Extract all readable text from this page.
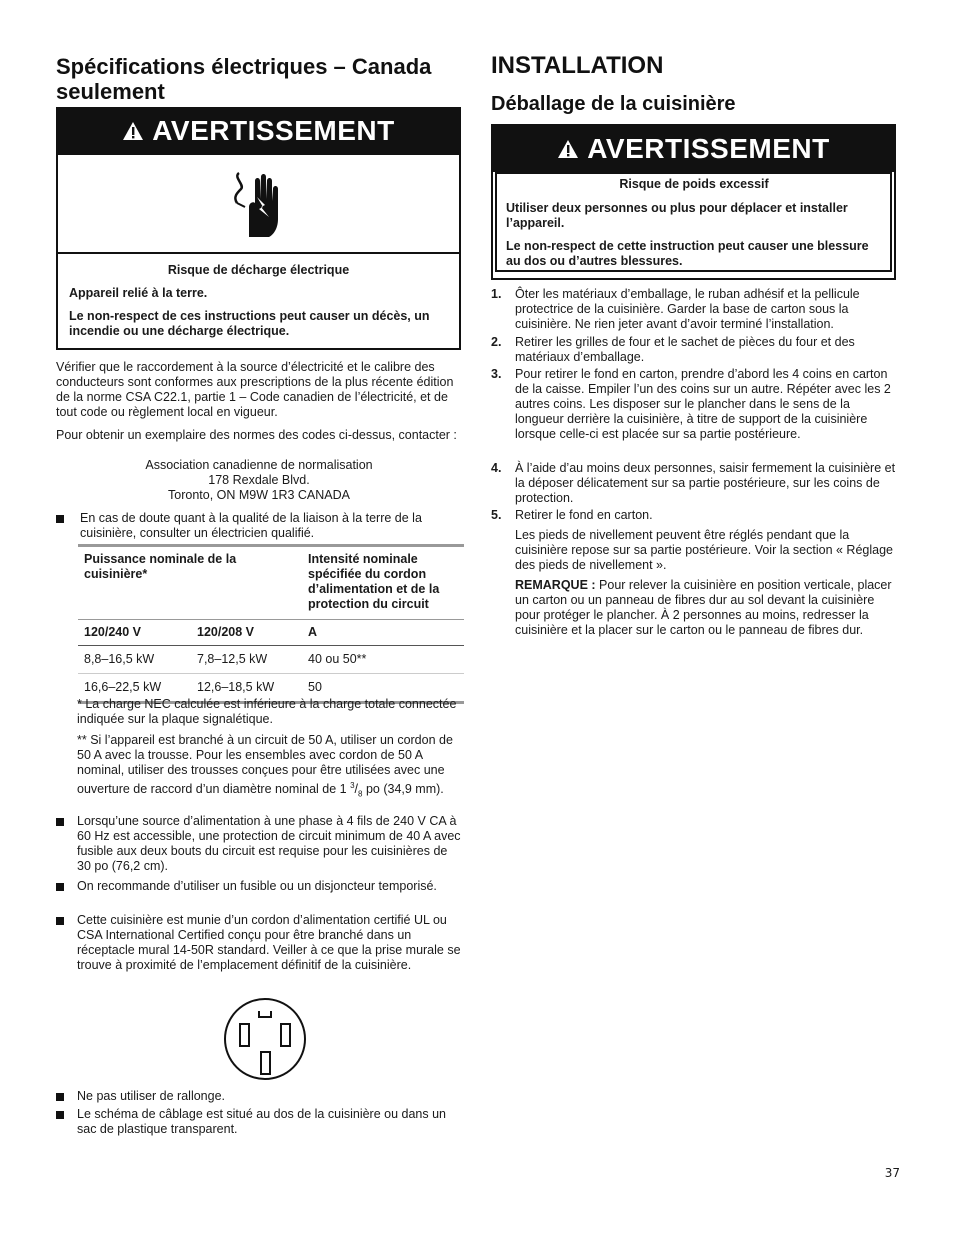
Spécifications électriques – Canada seulement
AVERTISSEMENT

Risque de décharge électrique

Appareil relié à la terre.

Le non-respect de ces instructions peut causer un décès, un incendie ou une décharge électrique.

Vérifier que le raccordement à la source d’électricité et le calibre des conducteurs sont conformes aux prescriptions de la plus récente édition de la norme CSA C22.1, partie 1 – Code canadien de l’électricité, et de tout code ou règlement local en vigueur.

Pour obtenir un exemplaire des normes des codes ci-dessus, contacter :

Association canadienne de normalisation
178 Rexdale Blvd.
Toronto, ON M9W 1R3 CANADA
En cas de doute quant à la qualité de la liaison à la terre de la cuisinière, consulter un électricien qualifié.
Puissance nominale de la cuisinière*		Intensité nominale spécifiée du cordon d’alimentation et de la protection du circuit
120/240 V	120/208 V	A
8,8–16,5 kW	7,8–12,5 kW	40 ou 50**
16,6–22,5 kW	12,6–18,5 kW	50

* La charge NEC calculée est inférieure à la charge totale connectée indiquée sur la plaque signalétique.

** Si l’appareil est branché à un circuit de 50 A, utiliser un cordon de 50 A avec la trousse. Pour les ensembles avec cordon de 50 A nominal, utiliser des trousses conçues pour être utilisées avec une ouverture de raccord d’un diamètre nominal de 1 $^3/_8$ po (34,9 mm).

Lorsqu’une source d’alimentation à une phase à 4 fils de 240 V CA à 60 Hz est accessible, une protection de circuit minimum de 40 A avec fusible aux deux bouts du circuit est requise pour les cuisinières de 30 po (76,2 cm).
On recommande d’utiliser un fusible ou un disjoncteur temporisé.
Cette cuisinière est munie d’un cordon d’alimentation certifié UL ou CSA International Certified conçu pour être branché dans un réceptacle mural 14-50R standard. Veiller à ce que la prise murale se trouve à proximité de l’emplacement définitif de la cuisinière.
Ne pas utiliser de rallonge.
Le schéma de câblage est situé au dos de la cuisinière ou dans un sac de plastique transparent.
INSTALLATION
Déballage de la cuisinière
AVERTISSEMENT

Risque de poids excessif

Utiliser deux personnes ou plus pour déplacer et installer l’appareil.

Le non-respect de cette instruction peut causer une blessure au dos ou d’autres blessures.

1. Ôter les matériaux d’emballage, le ruban adhésif et la pellicule protectrice de la cuisinière. Garder la base de carton sous la cuisinière. Ne rien jeter avant d’avoir terminé l’installation.
2. Retirer les grilles de four et le sachet de pièces du four et des matériaux d’emballage.
3. Pour retirer le fond en carton, prendre d’abord les 4 coins en carton de la caisse. Empiler l’un des coins sur un autre. Répéter avec les 2 autres coins. Les disposer sur le plancher dans le sens de la longueur derrière la cuisinière, à titre de support de la cuisinière lorsque celle-ci est placée sur sa partie postérieure.
4. À l’aide d’au moins deux personnes, saisir fermement la cuisinière et la déposer délicatement sur sa partie postérieure, sur les coins de protection.
5. Retirer le fond en carton.

Les pieds de nivellement peuvent être réglés pendant que la cuisinière repose sur sa partie postérieure. Voir la section « Réglage des pieds de nivellement ».

REMARQUE : Pour relever la cuisinière en position verticale, placer un carton ou un panneau de fibres dur au sol devant la cuisinière pour protéger le plancher. À 2 personnes au moins, redresser la cuisinière et la placer sur le carton ou le panneau de fibres dur.

37
